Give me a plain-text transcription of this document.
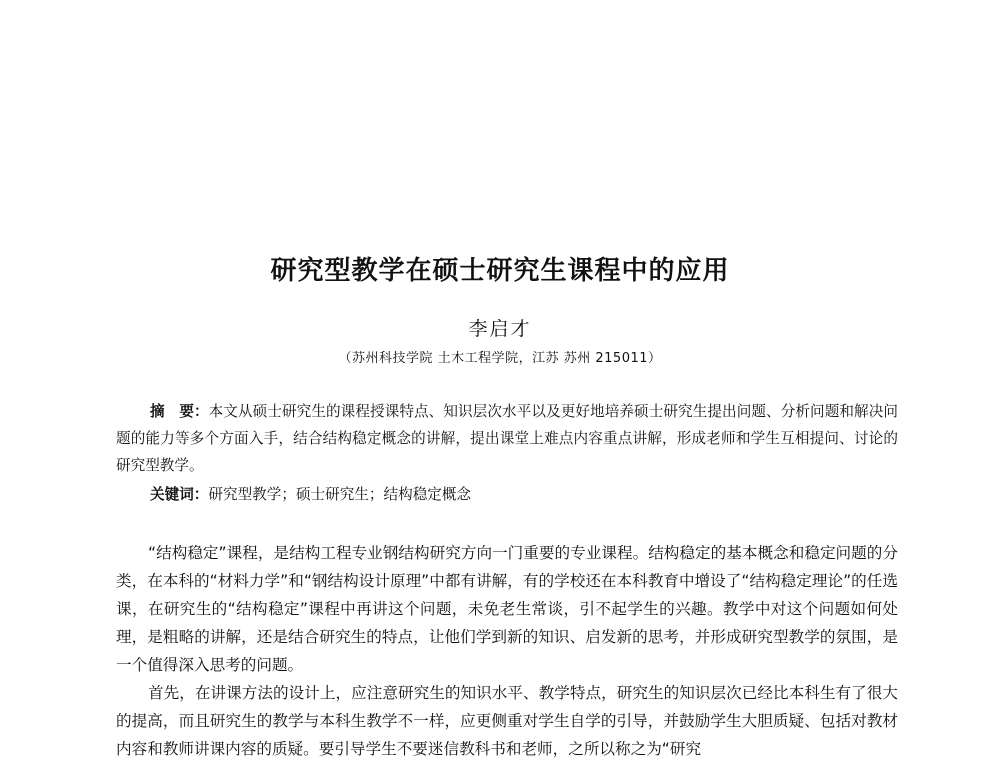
研究型教学在硕士研究生课程中的应用
李启才
（苏州科技学院 土木工程学院，江苏 苏州 215011）

摘　要：本文从硕士研究生的课程授课特点、知识层次水平以及更好地培养硕士研究生提出问题、分析问题和解决问题的能力等多个方面入手，结合结构稳定概念的讲解，提出课堂上难点内容重点讲解，形成老师和学生互相提问、讨论的研究型教学。

关键词：研究型教学；硕士研究生；结构稳定概念

“结构稳定”课程，是结构工程专业钢结构研究方向一门重要的专业课程。结构稳定的基本概念和稳定问题的分类，在本科的“材料力学”和“钢结构设计原理”中都有讲解，有的学校还在本科教育中增设了“结构稳定理论”的任选课，在研究生的“结构稳定”课程中再讲这个问题，未免老生常谈，引不起学生的兴趣。教学中对这个问题如何处理，是粗略的讲解，还是结合研究生的特点，让他们学到新的知识、启发新的思考，并形成研究型教学的氛围，是一个值得深入思考的问题。

首先，在讲课方法的设计上，应注意研究生的知识水平、教学特点，研究生的知识层次已经比本科生有了很大的提高，而且研究生的教学与本科生教学不一样，应更侧重对学生自学的引导，并鼓励学生大胆质疑、包括对教材内容和教师讲课内容的质疑。要引导学生不要迷信教科书和老师，之所以称之为“研究
